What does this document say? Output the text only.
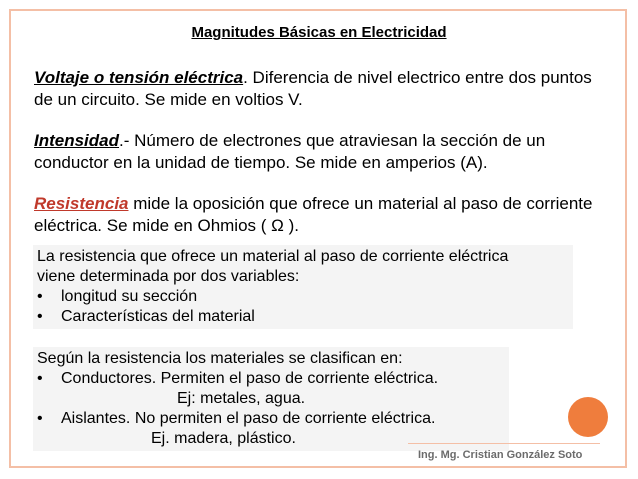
Magnitudes Básicas en Electricidad
Voltaje o tensión eléctrica. Diferencia de nivel electrico entre dos puntos de un circuito. Se mide en voltios V.
Intensidad.- Número de electrones que atraviesan la sección de un conductor en la unidad de tiempo. Se mide en amperios (A).
Resistencia mide la oposición que ofrece un material al paso de corriente eléctrica. Se mide en Ohmios ( Ω ).
La resistencia que ofrece un material al paso de corriente eléctrica
viene determinada por dos variables:
• longitud su sección
• Características del material
Según la resistencia los materiales se clasifican en:
• Conductores. Permiten el paso de corriente eléctrica.
Ej: metales, agua.
• Aislantes. No permiten el paso de corriente eléctrica.
Ej. madera, plástico.
Ing. Mg. Cristian González Soto
